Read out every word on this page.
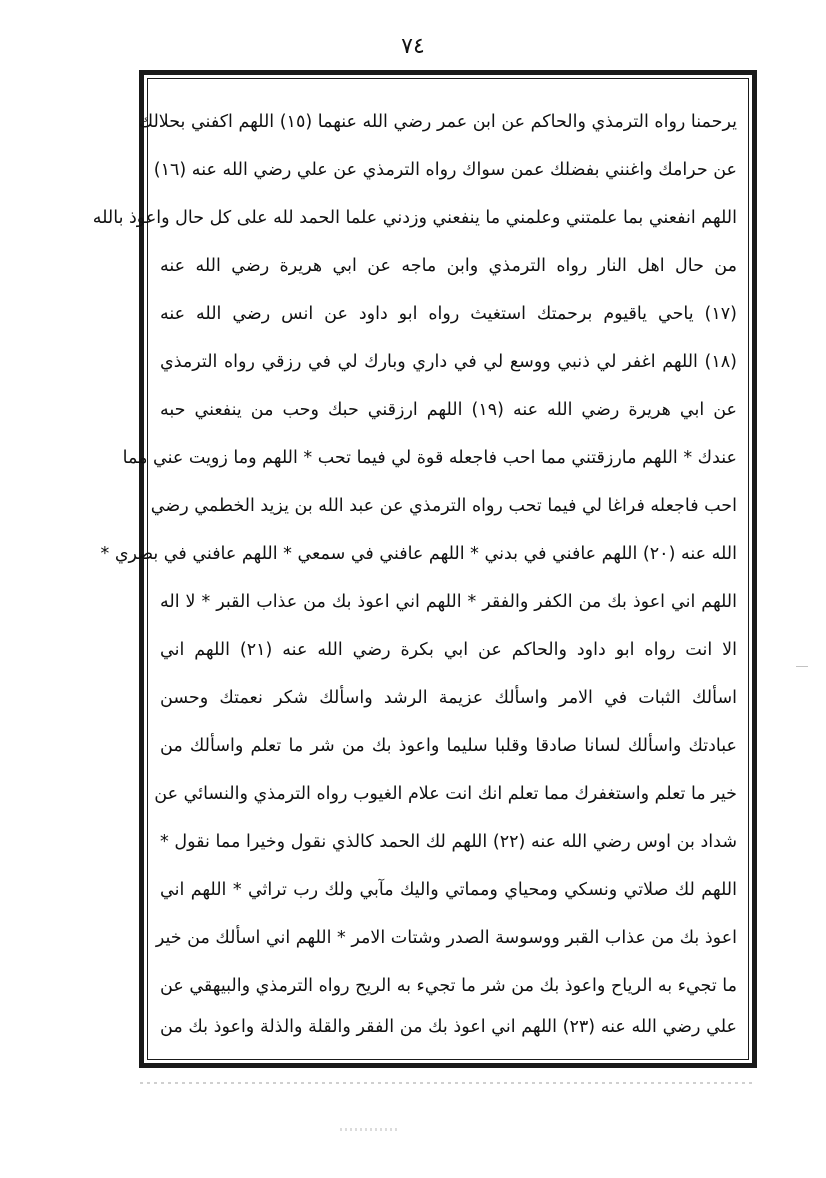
٧٤
يرحمنا رواه الترمذي والحاكم عن ابن عمر رضي الله عنهما (١٥) اللهم اكفني بحلالك
عن حرامك واغنني بفضلك عمن سواك رواه الترمذي عن علي رضي الله عنه (١٦)
اللهم انفعني بما علمتني وعلمني ما ينفعني وزدني علما الحمد لله على كل حال واعوذ بالله
من حال اهل النار رواه الترمذي وابن ماجه عن ابي هريرة رضي الله عنه
(١٧) ياحي ياقيوم برحمتك استغيث رواه ابو داود عن انس رضي الله عنه
(١٨) اللهم اغفر لي ذنبي ووسع لي في داري وبارك لي في رزقي رواه الترمذي
عن ابي هريرة رضي الله عنه (١٩) اللهم ارزقني حبك وحب من ينفعني حبه
عندك * اللهم مارزقتني مما احب فاجعله قوة لي فيما تحب * اللهم وما زويت عني مما
احب فاجعله فراغا لي فيما تحب رواه الترمذي عن عبد الله بن يزيد الخطمي رضي
الله عنه (٢٠) اللهم عافني في بدني * اللهم عافني في سمعي * اللهم عافني في بصري *
اللهم اني اعوذ بك من الكفر والفقر * اللهم اني اعوذ بك من عذاب القبر * لا اله
الا انت رواه ابو داود والحاكم عن ابي بكرة رضي الله عنه (٢١) اللهم اني
اسألك الثبات في الامر واسألك عزيمة الرشد واسألك شكر نعمتك وحسن
عبادتك واسألك لسانا صادقا وقلبا سليما واعوذ بك من شر ما تعلم واسألك من
خير ما تعلم واستغفرك مما تعلم انك انت علام الغيوب رواه الترمذي والنسائي عن
شداد بن اوس رضي الله عنه (٢٢) اللهم لك الحمد كالذي نقول وخيرا مما نقول *
اللهم لك صلاتي ونسكي ومحياي ومماتي واليك مآبي ولك رب تراثي * اللهم اني
اعوذ بك من عذاب القبر ووسوسة الصدر وشتات الامر * اللهم اني اسألك من خير
ما تجيء به الرياح واعوذ بك من شر ما تجيء به الريح رواه الترمذي والبيهقي عن
علي رضي الله عنه (٢٣) اللهم اني اعوذ بك من الفقر والقلة والذلة واعوذ بك من
